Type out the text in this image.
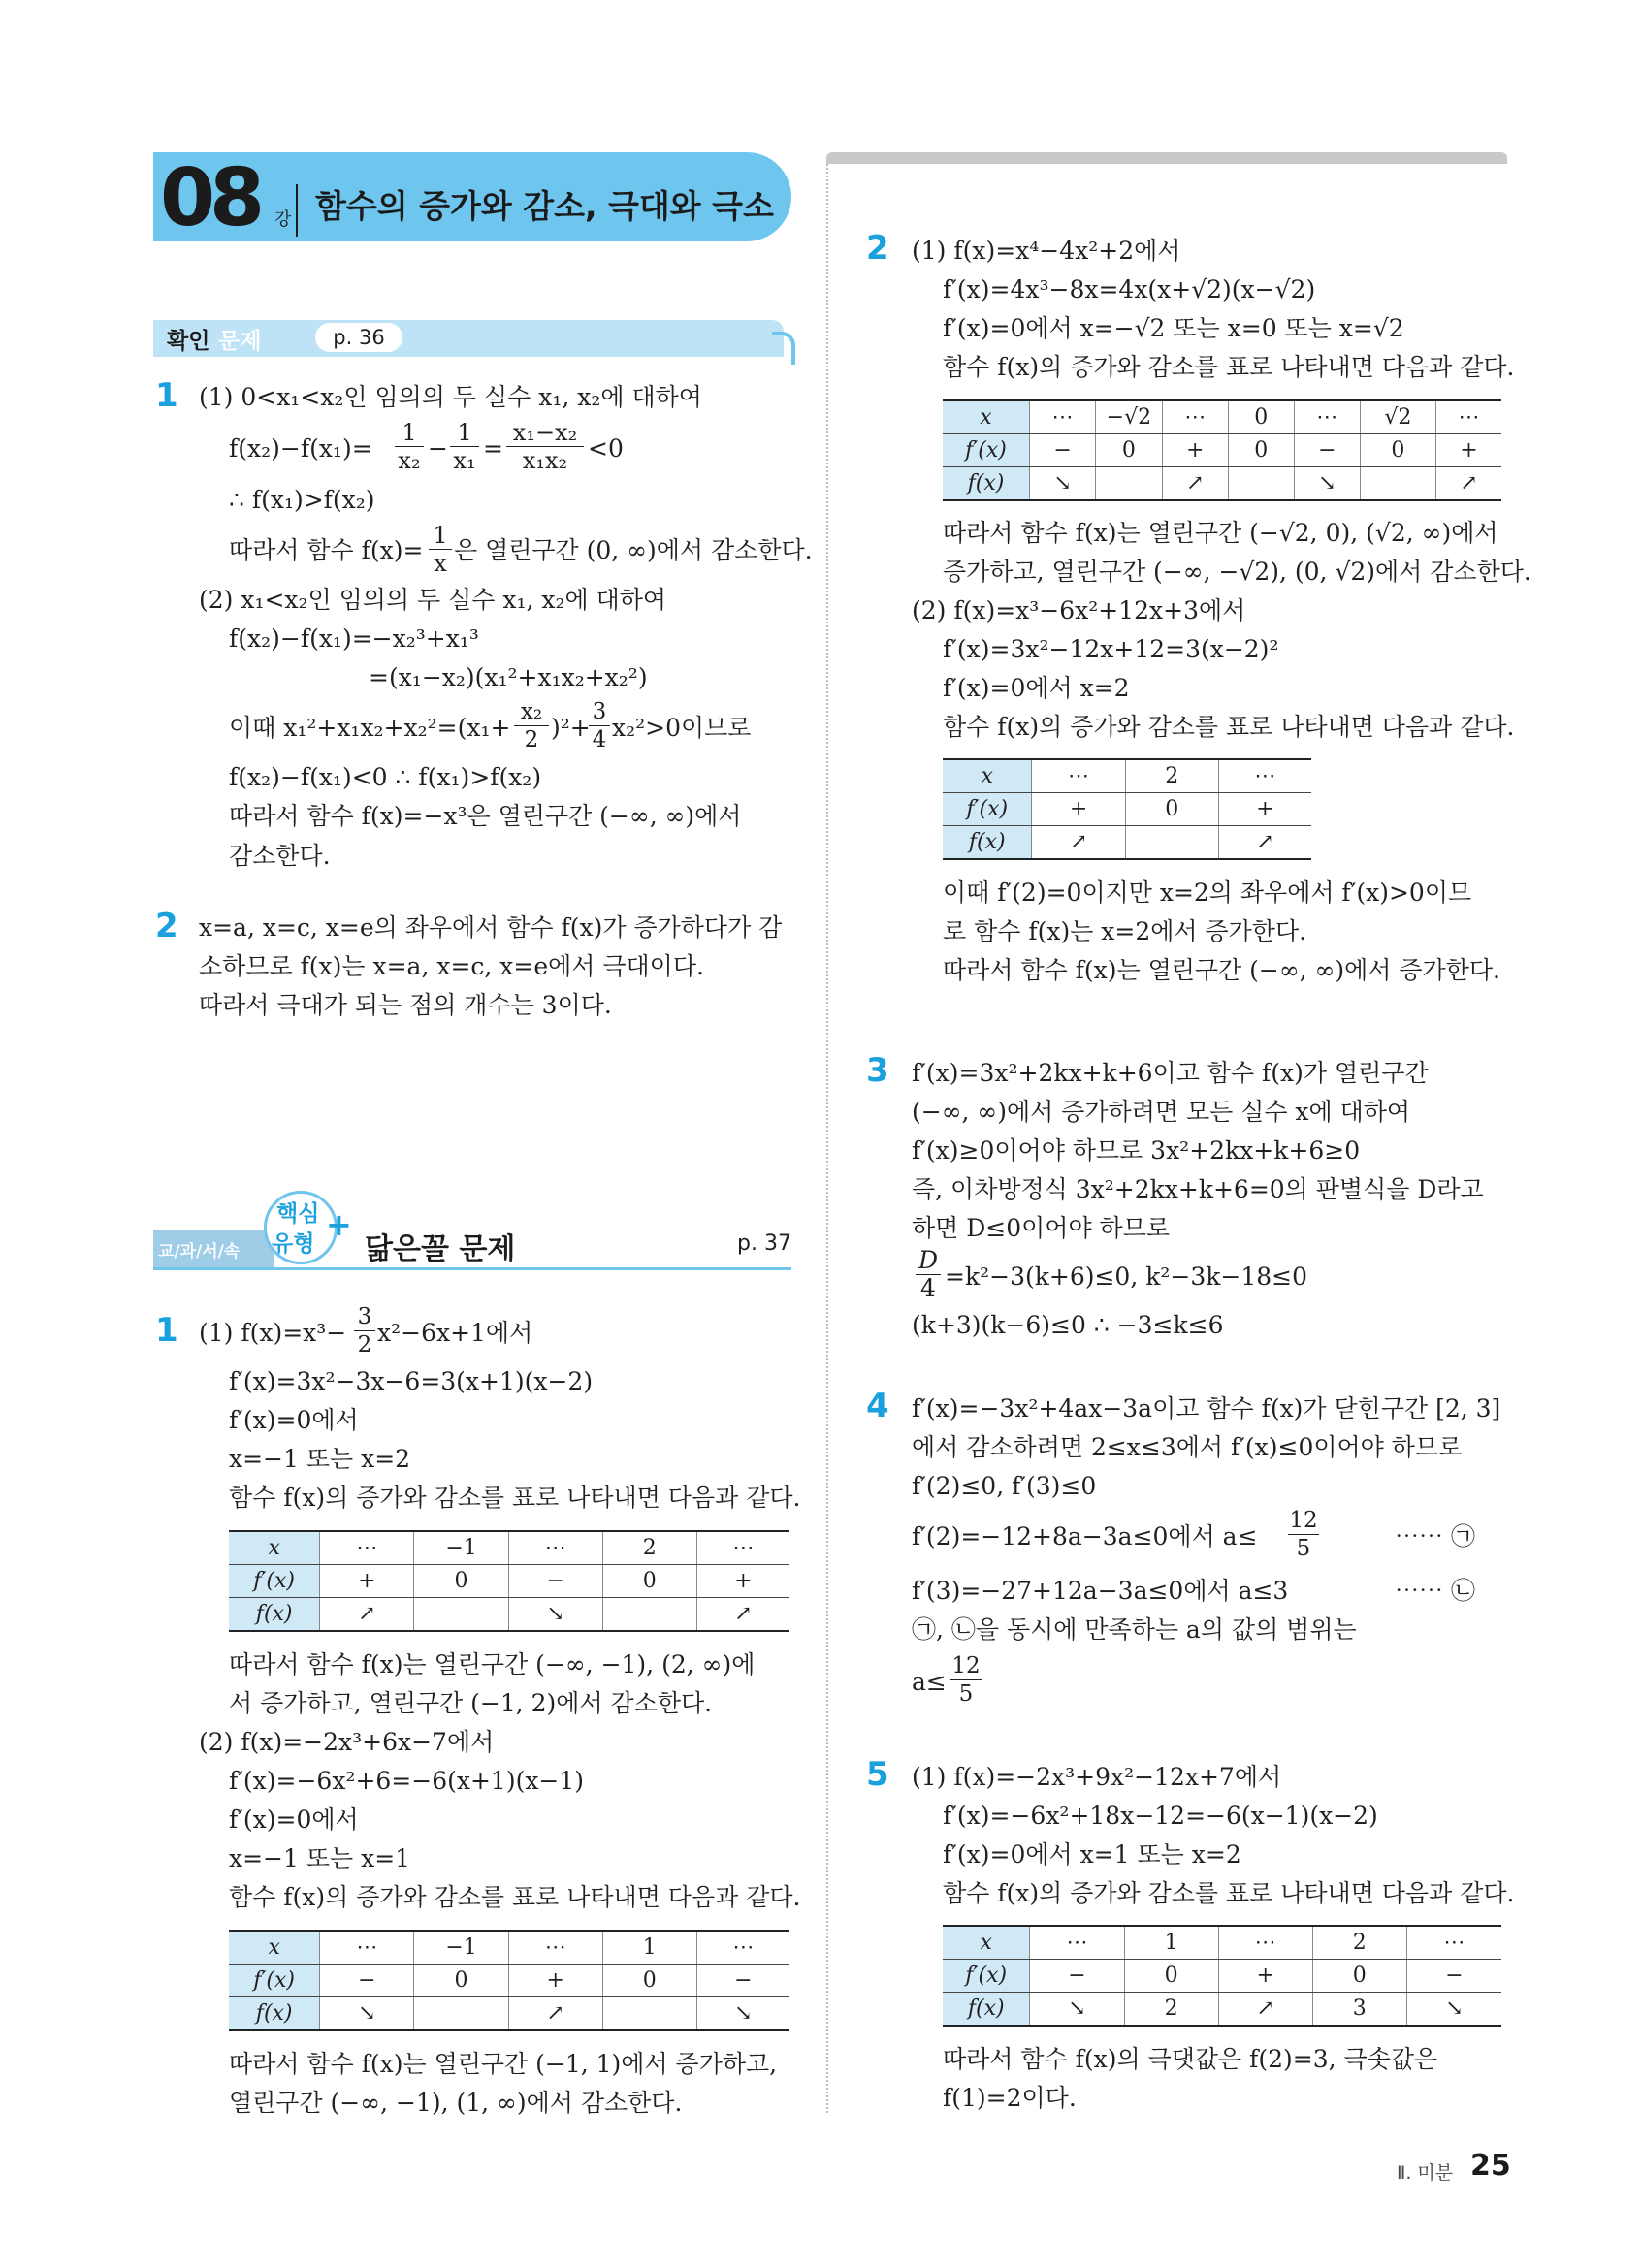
08 강 함수의 증가와 감소, 극대와 극소
확인 문제	p. 36
1 (1) 0<x₁<x₂인 임의의 두 실수 x₁, x₂에 대하여
$f(x_2)-f(x_1)= \frac{1}{\text{x₂}} - \frac{1}{\text{x₁}} = \frac{\text{x₁−x₂}}{\text{x₁x₂}} <0$
∴ f(x₁)>f(x₂)
따라서 함수 $f(x)= \frac{1}{x}$ 은 열린구간 (0, ∞)에서 감소한다.
(2) x₁<x₂인 임의의 두 실수 x₁, x₂에 대하여
f(x₂)−f(x₁)=−x₂³+x₁³
=(x₁−x₂)(x₁²+x₁x₂+x₂²)
이때 $x_1^2+x_1x_2+x_2^2=(x_1+ \frac{\text{x₂}}{2} )^2+$
$\frac{3}{4} x_2^2>0$이므로
f(x₂)−f(x₁)<0 ∴ f(x₁)>f(x₂)
따라서 함수 f(x)=−x³은 열린구간 (−∞, ∞)에서
감소한다.
2 x=a, x=c, x=e의 좌우에서 함수 f(x)가 증가하다가 감
소하므로 f(x)는 x=a, x=c, x=e에서 극대이다.
따라서 극대가 되는 점의 개수는 3이다.
교/과/서/속
핵심
유형
+
닮은꼴 문제	p. 37
1 (1) $f(x)=x^3- \frac{3}{2} x^2-6x+1$에서
f′(x)=3x²−3x−6=3(x+1)(x−2)
f′(x)=0에서
x=−1 또는 x=2
함수 f(x)의 증가와 감소를 표로 나타내면 다음과 같다.
x	⋯	−1	⋯	2	⋯
f′(x)	+	0	−	0	+
f(x)	↗		↘		↗
따라서 함수 f(x)는 열린구간 (−∞, −1), (2, ∞)에
서 증가하고, 열린구간 (−1, 2)에서 감소한다.
(2) f(x)=−2x³+6x−7에서
f′(x)=−6x²+6=−6(x+1)(x−1)
f′(x)=0에서
x=−1 또는 x=1
함수 f(x)의 증가와 감소를 표로 나타내면 다음과 같다.
x	⋯	−1	⋯	1	⋯
f′(x)	−	0	+	0	−
f(x)	↘		↗		↘
따라서 함수 f(x)는 열린구간 (−1, 1)에서 증가하고,
열린구간 (−∞, −1), (1, ∞)에서 감소한다.
2 (1) f(x)=x⁴−4x²+2에서
f′(x)=4x³−8x=4x(x+√2)(x−√2)
f′(x)=0에서 x=−√2 또는 x=0 또는 x=√2
함수 f(x)의 증가와 감소를 표로 나타내면 다음과 같다.
x	⋯	−√2	⋯	0	⋯	√2	⋯
f′(x)	−	0	+	0	−	0	+
f(x)	↘		↗		↘		↗
따라서 함수 f(x)는 열린구간 (−√2, 0), (√2, ∞)에서
증가하고, 열린구간 (−∞, −√2), (0, √2)에서 감소한다.
(2) f(x)=x³−6x²+12x+3에서
f′(x)=3x²−12x+12=3(x−2)²
f′(x)=0에서 x=2
함수 f(x)의 증가와 감소를 표로 나타내면 다음과 같다.
x	⋯	2	⋯
f′(x)	+	0	+
f(x)	↗		↗
이때 f′(2)=0이지만 x=2의 좌우에서 f′(x)>0이므
로 함수 f(x)는 x=2에서 증가한다.
따라서 함수 f(x)는 열린구간 (−∞, ∞)에서 증가한다.
3 f′(x)=3x²+2kx+k+6이고 함수 f(x)가 열린구간
(−∞, ∞)에서 증가하려면 모든 실수 x에 대하여
f′(x)≥0이어야 하므로 3x²+2kx+k+6≥0
즉, 이차방정식 3x²+2kx+k+6=0의 판별식을 D라고
하면 D≤0이어야 하므로
$\frac{D}{4} =k^2-3(k+6)\le 0$, k²−3k−18≤0
(k+3)(k−6)≤0 ∴ −3≤k≤6
4 f′(x)=−3x²+4ax−3a이고 함수 f(x)가 닫힌구간 [2, 3]
에서 감소하려면 2≤x≤3에서 f′(x)≤0이어야 하므로
f′(2)≤0, f′(3)≤0
f′(2)=−12+8a−3a≤0에서 $a\le \frac{12}{5}$	⋯⋯ ㉠
f′(3)=−27+12a−3a≤0에서 a≤3	⋯⋯ ㉡
㉠, ㉡을 동시에 만족하는 a의 값의 범위는
$a\le \frac{12}{5}$
5 (1) f(x)=−2x³+9x²−12x+7에서
f′(x)=−6x²+18x−12=−6(x−1)(x−2)
f′(x)=0에서 x=1 또는 x=2
함수 f(x)의 증가와 감소를 표로 나타내면 다음과 같다.
x	⋯	1	⋯	2	⋯
f′(x)	−	0	+	0	−
f(x)	↘	2	↗	3	↘
따라서 함수 f(x)의 극댓값은 f(2)=3, 극솟값은
f(1)=2이다.
Ⅱ. 미분 25
